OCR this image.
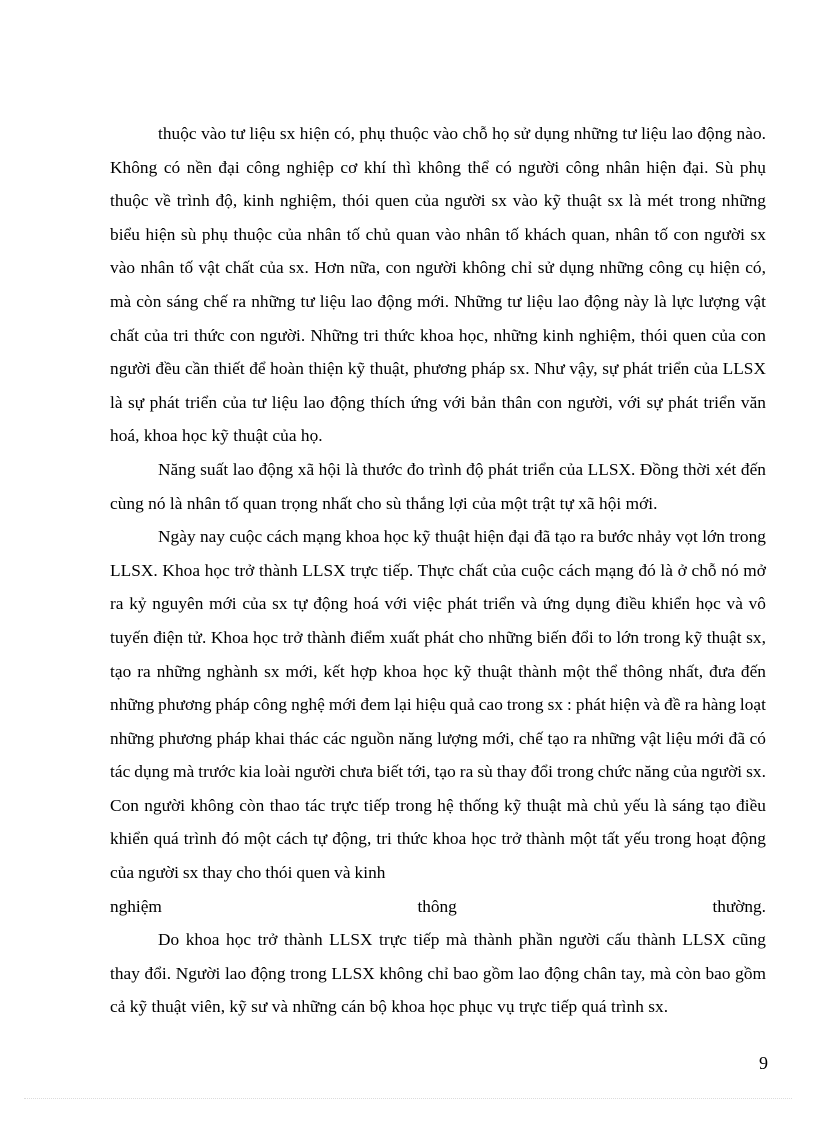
thuộc vào tư liệu sx hiện có, phụ thuộc vào chỗ họ sử dụng những tư liệu lao động nào. Không có nền đại công nghiệp cơ khí thì không thể có người công nhân hiện đại. Sù phụ thuộc về trình độ, kinh nghiệm, thói quen của người sx vào kỹ thuật sx là mét trong những biểu hiện sù phụ thuộc của nhân tố chủ quan vào nhân tố khách quan, nhân tố con người sx vào nhân tố vật chất của sx. Hơn nữa, con người không chỉ sử dụng những công cụ hiện có, mà còn sáng chế ra những tư liệu lao động mới. Những tư liệu lao động này là lực lượng vật chất của tri thức con người. Những tri thức khoa học, những kinh nghiệm, thói quen của con người đều cần thiết để hoàn thiện kỹ thuật, phương pháp sx. Như vậy, sự phát triển của LLSX là sự phát triển của tư liệu lao động thích ứng với bản thân con người, với sự phát triển văn hoá, khoa học kỹ thuật của họ.

Năng suất lao động xã hội là thước đo trình độ phát triển của LLSX. Đồng thời xét đến cùng nó là nhân tố quan trọng nhất cho sù thắng lợi của một trật tự xã hội mới.

Ngày nay cuộc cách mạng khoa học kỹ thuật hiện đại đã tạo ra bước nhảy vọt lớn trong LLSX. Khoa học trở thành LLSX trực tiếp. Thực chất của cuộc cách mạng đó là ở chỗ nó mở ra kỷ nguyên mới của sx tự động hoá với việc phát triển và ứng dụng điều khiển học và vô tuyến điện tử. Khoa học trở thành điểm xuất phát cho những biến đổi to lớn trong kỹ thuật sx, tạo ra những nghành sx mới, kết hợp khoa học kỹ thuật thành một thể thông nhất, đưa đến những phương pháp công nghệ mới đem lại hiệu quả cao trong sx : phát hiện và đề ra hàng loạt những phương pháp khai thác các nguồn năng lượng mới, chế tạo ra những vật liệu mới đã có tác dụng mà trước kia loài người chưa biết tới, tạo ra sù thay đổi trong chức năng của người sx. Con người không còn thao tác trực tiếp trong hệ thống kỹ thuật mà chủ yếu là sáng tạo điều khiển quá trình đó một cách tự động, tri thức khoa học trở thành một tất yếu trong hoạt động của người sx thay cho thói quen và kinh

nghiệm	thông	thường.

Do khoa học trở thành LLSX trực tiếp mà thành phần người cấu thành LLSX cũng thay đổi. Người lao động trong LLSX không chỉ bao gồm lao động chân tay, mà còn bao gồm cả kỹ thuật viên, kỹ sư và những cán bộ khoa học phục vụ trực tiếp quá trình sx.

9
